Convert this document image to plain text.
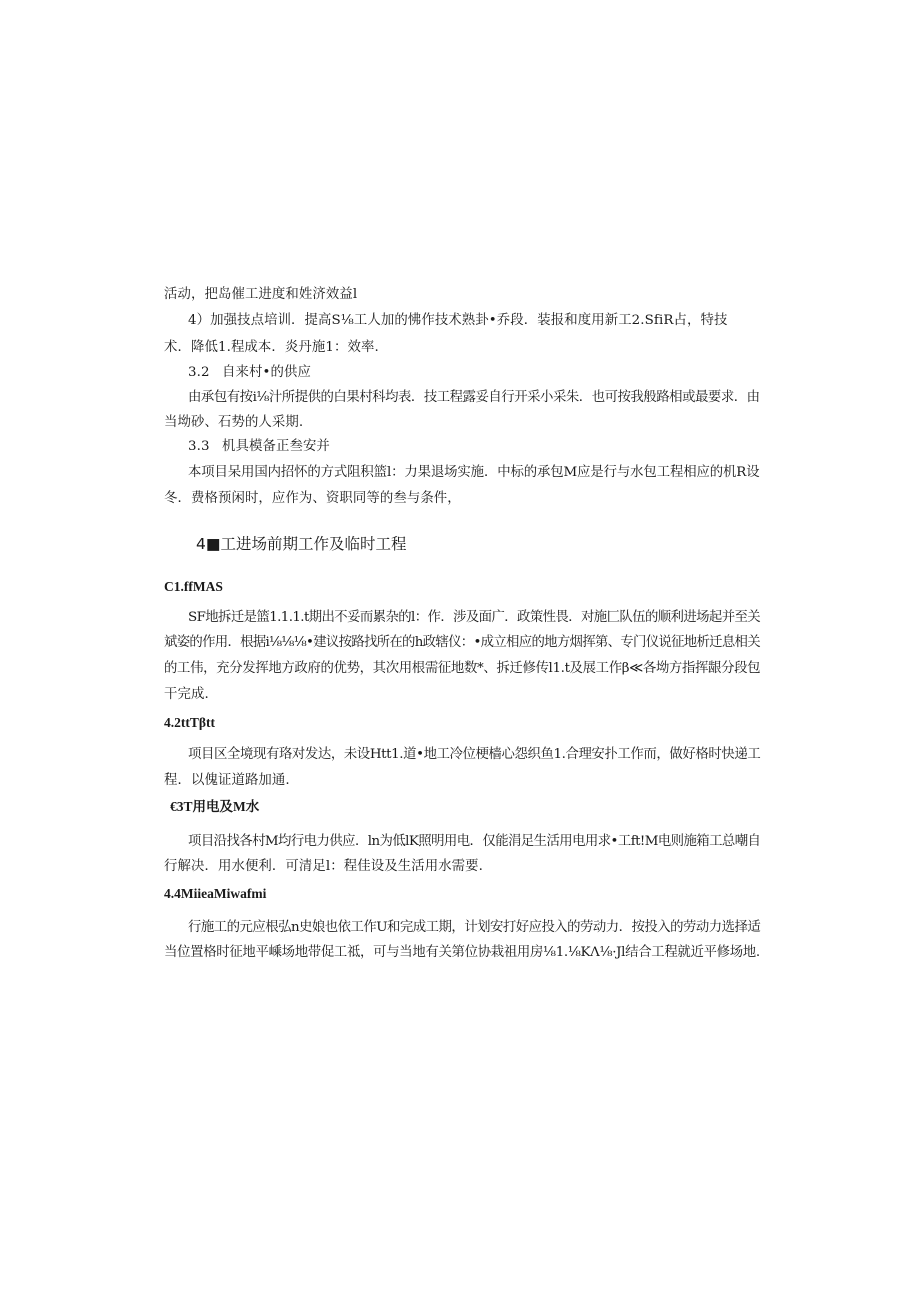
活动，把岛催工进度和姓济效益l
4）加强技点培训．提高S⅛工人加的怫作技术熟卦•乔段．装报和度用新工2.SfiR占，特技
术．降低1.程成本．炎丹施1：效率.
3.2 自来村•的供应
由承包有按i⅛汁所提供的白果村科均表．技工程露妥自行开采小采朱．也可按我般路相或最要求．由
当坳砂、石势的人采期.
3.3 机具模备正叁安并
本项目呆用国内招怀的方式阻积篮l：力果退场实施．中标的承包M应是行与水包工程相应的机R设
冬．费格预闲时，应作为、资职同等的叁与条件，
4■工进场前期工作及临时工程
C1.ffMAS
SF地拆迁是篮1.1.1.t期出不妥而累杂的l：作．涉及面广．政策性畏．对施匚队伍的顺利进场起并至关
斌姿的作用．根据i⅛⅛⅛•建议按路找所在的h政辖仪：•成立相应的地方烟挥第、专门仪说征地析迁息相关
的工伟，充分发挥地方政府的优势，其次用根需征地数*、拆迁修传l1.t及展工作β≪各坳方指挥龈分段包
干完成.
4.2ttTβtt
项目区全境现有珞对发达，未设Htt1.道•地工冷位梗樯心怨织鱼1.合理安扑工作而，做好格时快递工
程．以傀证道路加通.
€3T用电及M水
项目沿找各村M均行电力供应．ln为低lK照明用电．仅能涓足生活用电用求•工ft!M电则施箱工总嘲自
行解决．用水便利．可清足l：程佳设及生活用水需要.
4.4MiieaMiwafmi
行施工的元应根弘n史娘也依工作U和完成工期，计划安打好应投入的劳动力．按投入的劳动力选择适
当位置格时征地平嵊场地带促工祗，可与当地有关第位协栽祖用房⅛1.⅛KΛ⅛·Jl结合工程就近平修场地.
